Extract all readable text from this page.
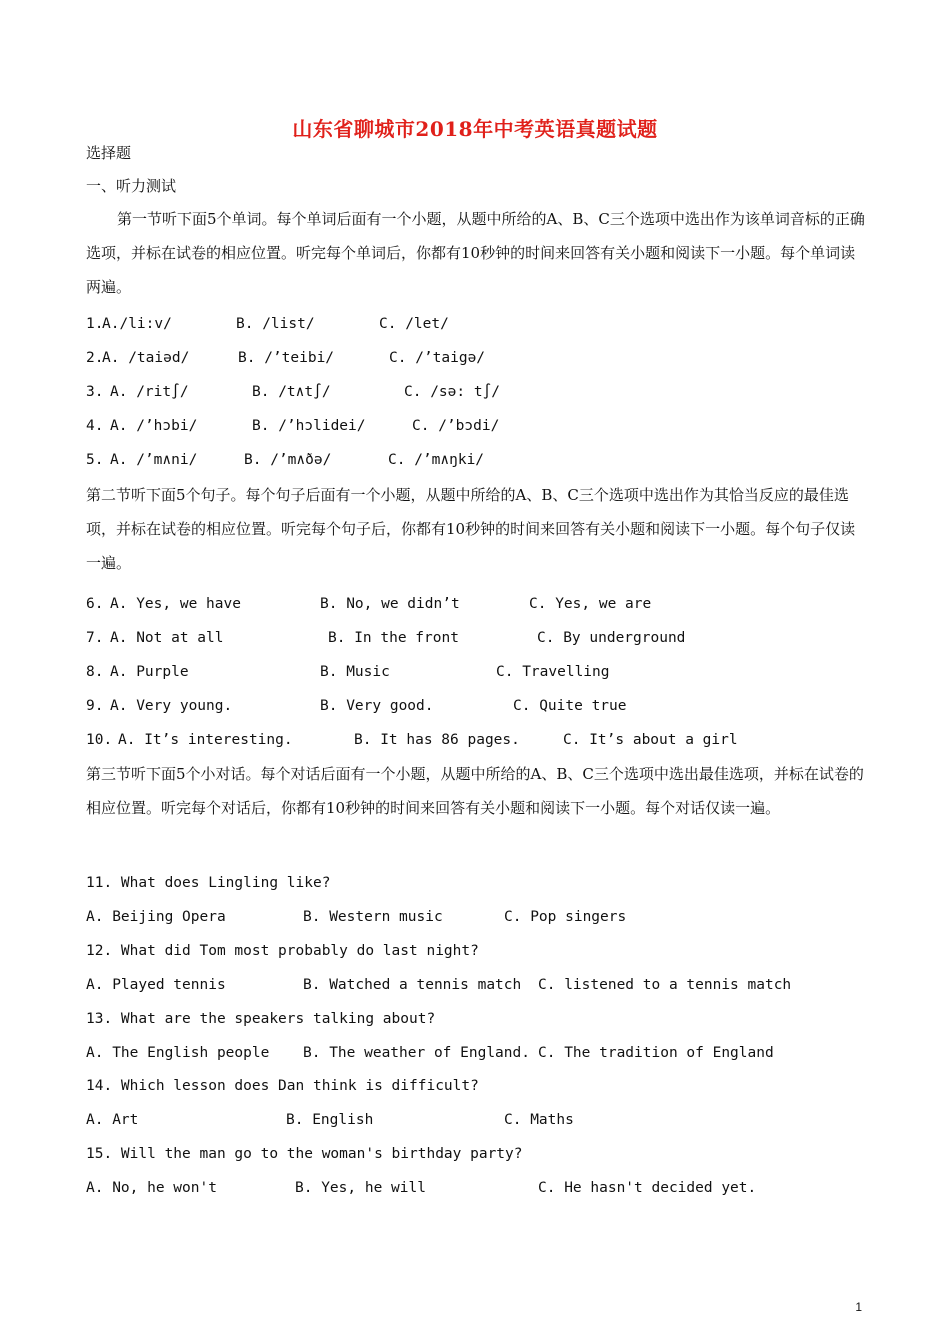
山东省聊城市2018年中考英语真题试题
选择题
一、听力测试
第一节听下面5个单词。每个单词后面有一个小题，从题中所给的A、B、C三个选项中选出作为该单词音标的正确选项，并标在试卷的相应位置。听完每个单词后，你都有10秒钟的时间来回答有关小题和阅读下一小题。每个单词读两遍。
1.
A./li:v/	B. /list/	C. /let/
2.
A. /taiəd/	B. /’teibi/	C. /’taigə/
3. A. /rit∫/	B. /t∧t∫/	C. /sə: t∫/
4. A. /’hɔbi/	B. /’hɔlidei/	C. /’bɔdi/
5. A. /’m∧ni/	B. /’m∧ðə/	C. /’m∧ŋki/
第二节听下面5个句子。每个句子后面有一个小题，从题中所给的A、B、C三个选项中选出作为其恰当反应的最佳选项，并标在试卷的相应位置。听完每个句子后，你都有10秒钟的时间来回答有关小题和阅读下一小题。每个句子仅读一遍。
6. A. Yes, we have	B. No, we didn’t	C. Yes, we are
7. A. Not at all	B. In the front	C. By underground
8. A. Purple	B. Music	C. Travelling
9. A. Very young.	B. Very good.	C. Quite true
10. A. It’s interesting.	B. It has 86 pages.	C. It’s about a girl
第三节听下面5个小对话。每个对话后面有一个小题，从题中所给的A、B、C三个选项中选出最佳选项，并标在试卷的相应位置。听完每个对话后，你都有10秒钟的时间来回答有关小题和阅读下一小题。每个对话仅读一遍。
11. What does Lingling like?
A. Beijing Opera	B. Western music	C. Pop singers
12. What did Tom most probably do last night?
A. Played tennis	B. Watched a tennis match C. listened to a tennis match
13. What are the speakers talking about?
A. The English people B. The weather of England. C. The tradition of England
14. Which lesson does Dan think is difficult?
A. Art	B. English	C. Maths
15. Will the man go to the woman's birthday party?
A. No, he won't	B. Yes, he will	C. He hasn't decided yet.
1
